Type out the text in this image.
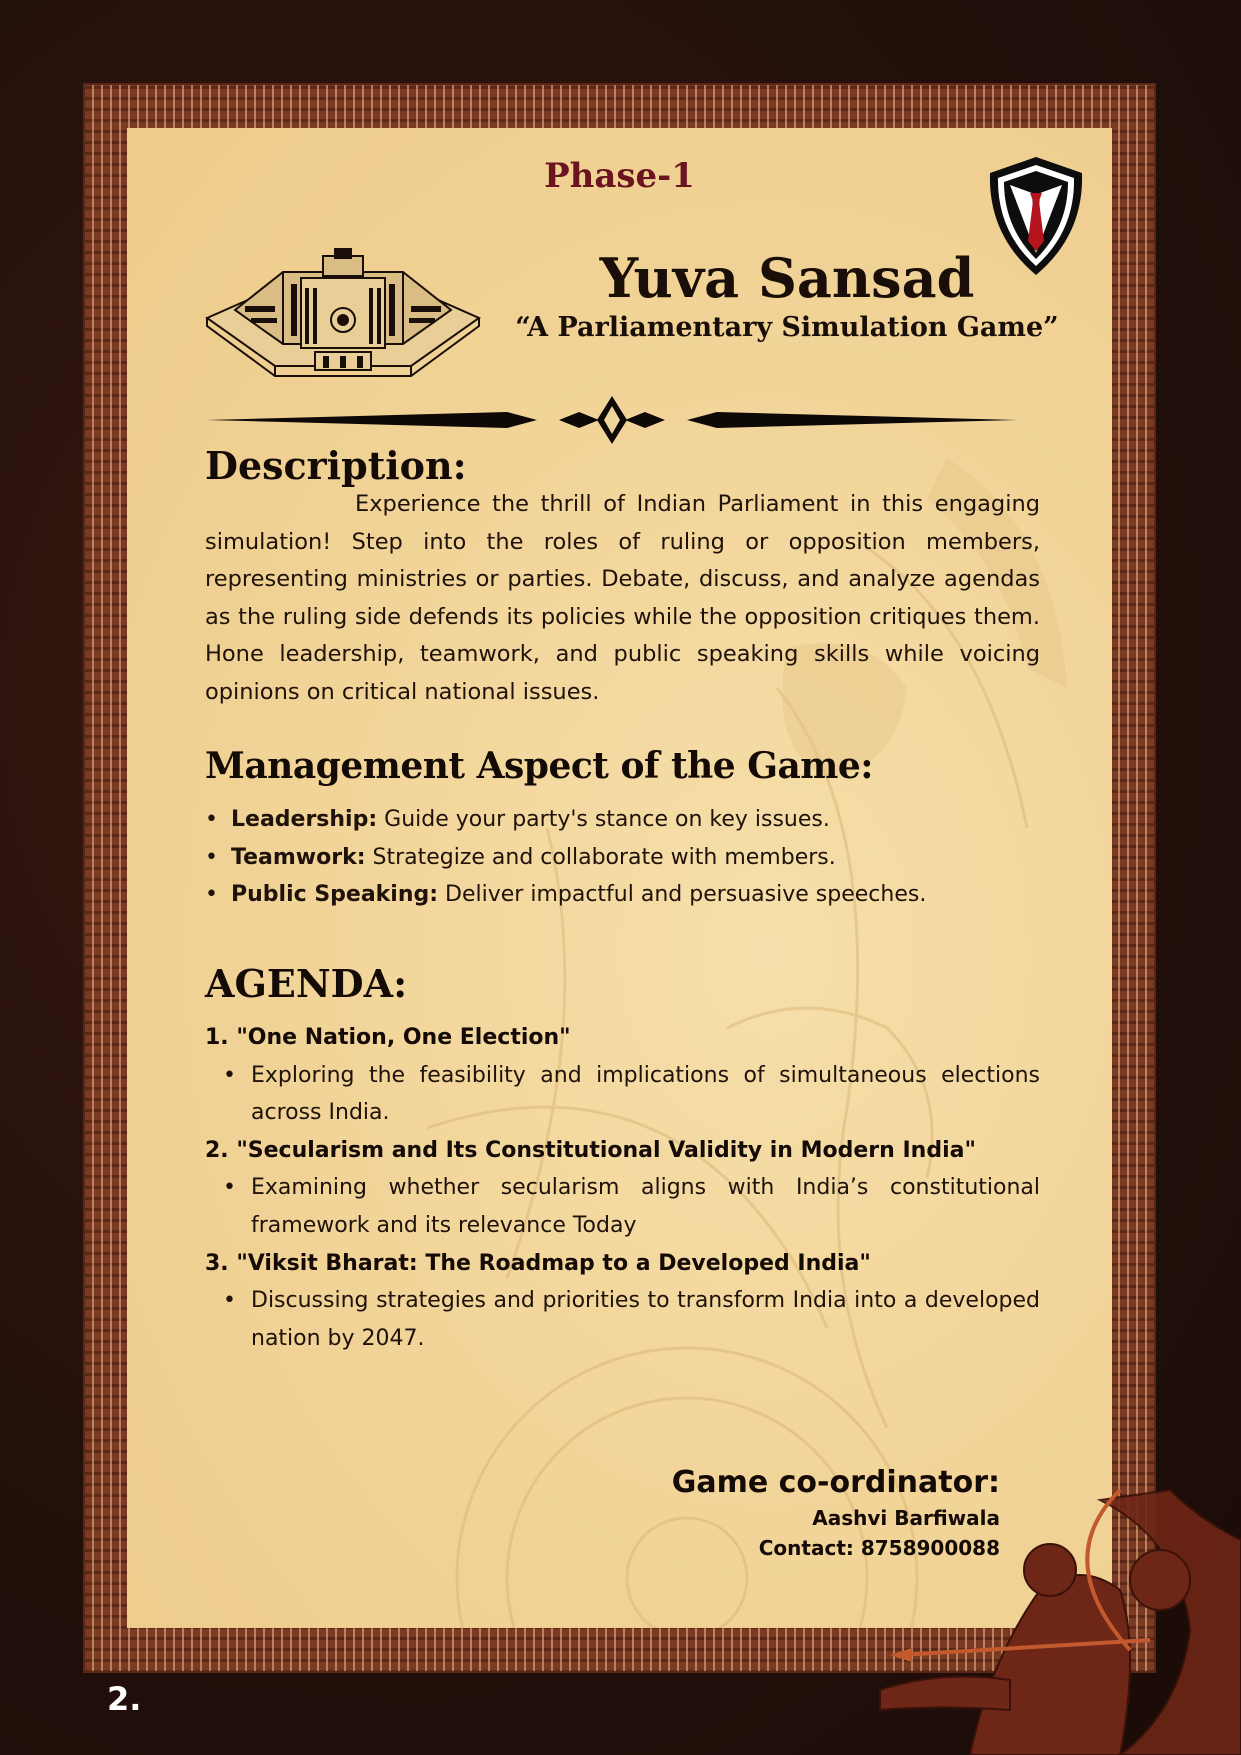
Phase-1
Yuva Sansad
“A Parliamentary Simulation Game”
Description:
Experience the thrill of Indian Parliament in this engaging simulation! Step into the roles of ruling or opposition members, representing ministries or parties. Debate, discuss, and analyze agendas as the ruling side defends its policies while the opposition critiques them. Hone leadership, teamwork, and public speaking skills while voicing opinions on critical national issues.
Management Aspect of the Game:
• Leadership: Guide your party's stance on key issues.
• Teamwork: Strategize and collaborate with members.
• Public Speaking: Deliver impactful and persuasive speeches.
AGENDA:
1. "One Nation, One Election"
• Exploring the feasibility and implications of simultaneous elections across India.
2. "Secularism and Its Constitutional Validity in Modern India"
• Examining whether secularism aligns with India’s constitutional framework and its relevance Today
3. "Viksit Bharat: The Roadmap to a Developed India"
• Discussing strategies and priorities to transform India into a developed nation by 2047.
Game co-ordinator:
Aashvi Barfiwala
Contact: 8758900088
2.
